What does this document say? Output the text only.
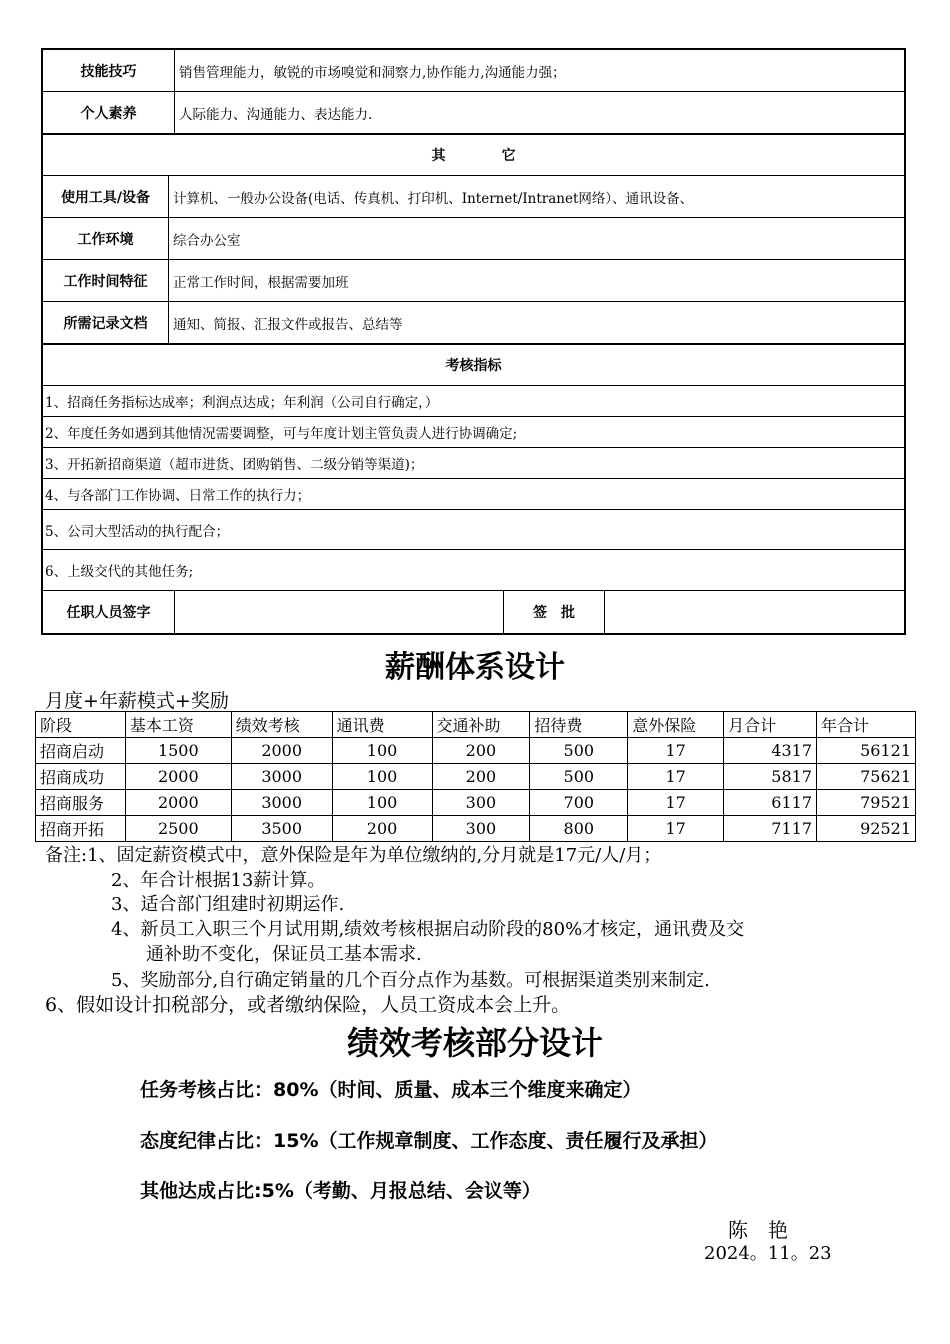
技能技巧	销售管理能力，敏锐的市场嗅觉和洞察力,协作能力,沟通能力强；
个人素养	人际能力、沟通能力、表达能力.
其　　　　它
使用工具/设备	计算机、一般办公设备(电话、传真机、打印机、Internet/Intranet网络）、通讯设备、
工作环境	综合办公室
工作时间特征	正常工作时间，根据需要加班
所需记录文档	通知、简报、汇报文件或报告、总结等
考核指标
1、招商任务指标达成率；利润点达成；年利润（公司自行确定，）
2、年度任务如遇到其他情况需要调整，可与年度计划主管负责人进行协调确定;
3、开拓新招商渠道（超市进货、团购销售、二级分销等渠道)；
4、与各部门工作协调、日常工作的执行力；
5、公司大型活动的执行配合；
6、上级交代的其他任务;
任职人员签字	签　批
薪酬体系设计
月度+年薪模式+奖励
阶段	基本工资	绩效考核	通讯费	交通补助	招待费	意外保险	月合计	年合计
招商启动	1500	2000	100	200	500	17	4317	56121
招商成功	2000	3000	100	200	500	17	5817	75621
招商服务	2000	3000	100	300	700	17	6117	79521
招商开拓	2500	3500	200	300	800	17	7117	92521
备注:1、固定薪资模式中，意外保险是年为单位缴纳的,分月就是17元/人/月；
2、年合计根据13薪计算。
3、适合部门组建时初期运作.
4、新员工入职三个月试用期,绩效考核根据启动阶段的80%才核定，通讯费及交
通补助不变化，保证员工基本需求.
5、奖励部分,自行确定销量的几个百分点作为基数。可根据渠道类别来制定.
6、假如设计扣税部分，或者缴纳保险，人员工资成本会上升。
绩效考核部分设计
任务考核占比：80%（时间、质量、成本三个维度来确定）
态度纪律占比：15%（工作规章制度、工作态度、责任履行及承担）
其他达成占比:5%（考勤、月报总结、会议等）
陈　艳
2024。11。23
